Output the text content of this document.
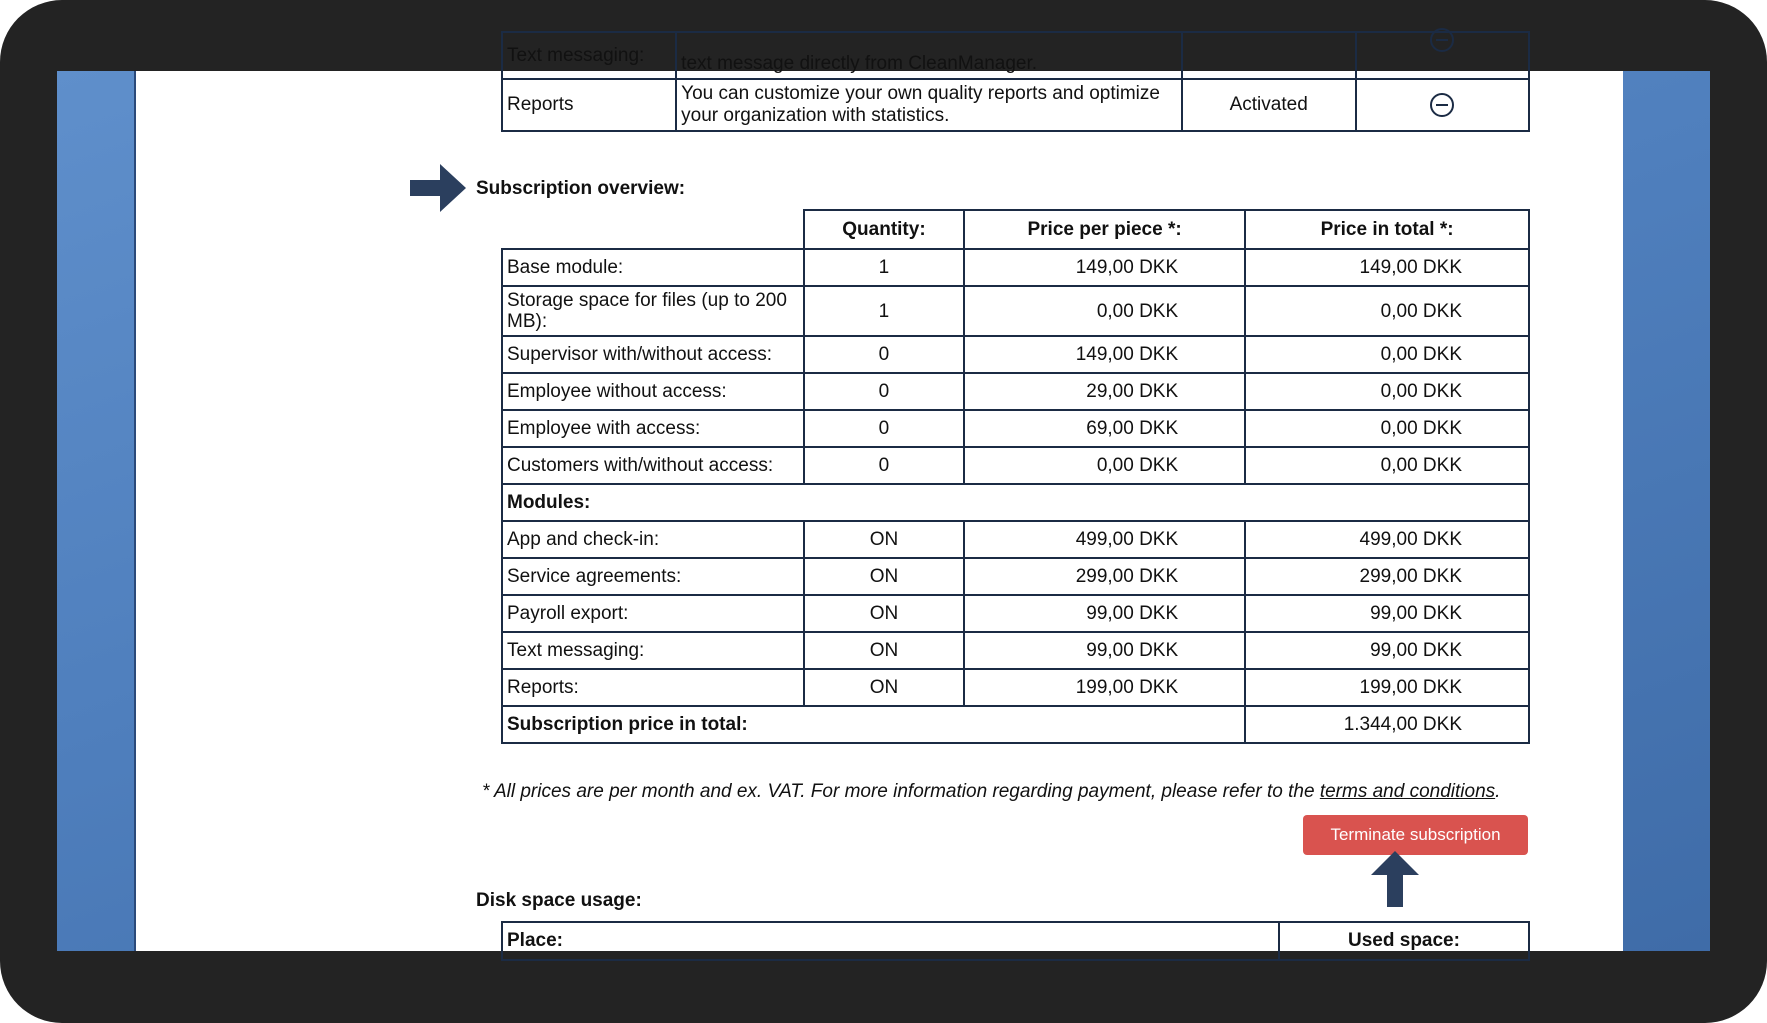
Text messaging:	text message directly from CleanManager.		
Reports	You can customize your own quality reports and optimize your organization with statistics.	Activated	
Subscription overview:
	Quantity:	Price per piece *:	Price in total *:
Base module:	1	149,00 DKK	149,00 DKK
Storage space for files (up to 200 MB):	1	0,00 DKK	0,00 DKK
Supervisor with/without access:	0	149,00 DKK	0,00 DKK
Employee without access:	0	29,00 DKK	0,00 DKK
Employee with access:	0	69,00 DKK	0,00 DKK
Customers with/without access:	0	0,00 DKK	0,00 DKK
Modules:			
App and check-in:	ON	499,00 DKK	499,00 DKK
Service agreements:	ON	299,00 DKK	299,00 DKK
Payroll export:	ON	99,00 DKK	99,00 DKK
Text messaging:	ON	99,00 DKK	99,00 DKK
Reports:	ON	199,00 DKK	199,00 DKK
Subscription price in total:			1.344,00 DKK
* All prices are per month and ex. VAT. For more information regarding payment, please refer to the terms and conditions.
Terminate subscription
Disk space usage:
Place:	Used space:
